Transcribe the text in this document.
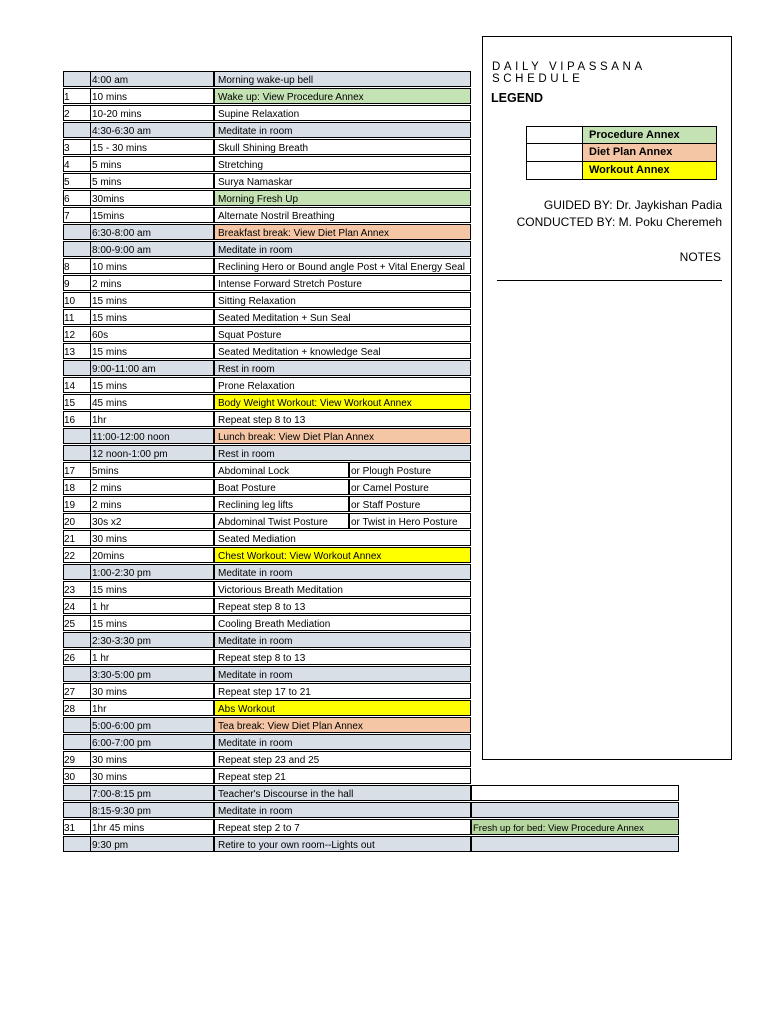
4:00 am	Morning wake-up bell
1	10 mins	Wake up: View Procedure Annex
2	10-20 mins	Supine Relaxation
4:30-6:30 am	Meditate in room
3	15 - 30 mins	Skull Shining Breath
4	5 mins	Stretching
5	5 mins	Surya Namaskar
6	30mins	Morning Fresh Up
7	15mins	Alternate Nostril Breathing
6:30-8:00 am	Breakfast break: View Diet Plan Annex
8:00-9:00 am	Meditate in room
8	10 mins	Reclining Hero or Bound angle Post + Vital Energy Seal
9	2 mins	Intense Forward Stretch Posture
10	15 mins	Sitting Relaxation
11	15 mins	Seated Meditation + Sun Seal
12	60s	Squat Posture
13	15 mins	Seated Meditation + knowledge Seal
9:00-11:00 am	Rest in room
14	15 mins	Prone Relaxation
15	45 mins	Body Weight Workout: View Workout Annex
16	1hr	Repeat step 8 to 13
11:00-12:00 noon	Lunch break: View Diet Plan Annex
12 noon-1:00 pm	Rest in room
17	5mins	Abdominal Lock	or Plough Posture
18	2 mins	Boat Posture	or Camel Posture
19	2 mins	Reclining leg lifts	or Staff Posture
20	30s x2	Abdominal Twist Posture	or Twist in Hero Posture
21	30 mins	Seated Mediation
22	20mins	Chest Workout: View Workout Annex
1:00-2:30 pm	Meditate in room
23	15 mins	Victorious Breath Meditation
24	1 hr	Repeat step 8 to 13
25	15 mins	Cooling Breath Mediation
2:30-3:30 pm	Meditate in room
26	1 hr	Repeat step 8 to 13
3:30-5:00 pm	Meditate in room
27	30 mins	Repeat step 17 to 21
28	1hr	Abs Workout
5:00-6:00 pm	Tea break: View Diet Plan Annex
6:00-7:00 pm	Meditate in room
29	30 mins	Repeat step 23 and 25
30	30 mins	Repeat step 21
7:00-8:15 pm	Teacher's Discourse in the hall
8:15-9:30 pm	Meditate in room
31	1hr 45 mins	Repeat step 2 to 7	Fresh up for bed: View Procedure Annex
9:30 pm	Retire to your own room--Lights out
DAILY VIPASSANA SCHEDULE
LEGEND
Procedure Annex
Diet Plan Annex
Workout Annex
GUIDED BY: Dr. Jaykishan Padia
CONDUCTED BY: M. Poku Cheremeh
NOTES
